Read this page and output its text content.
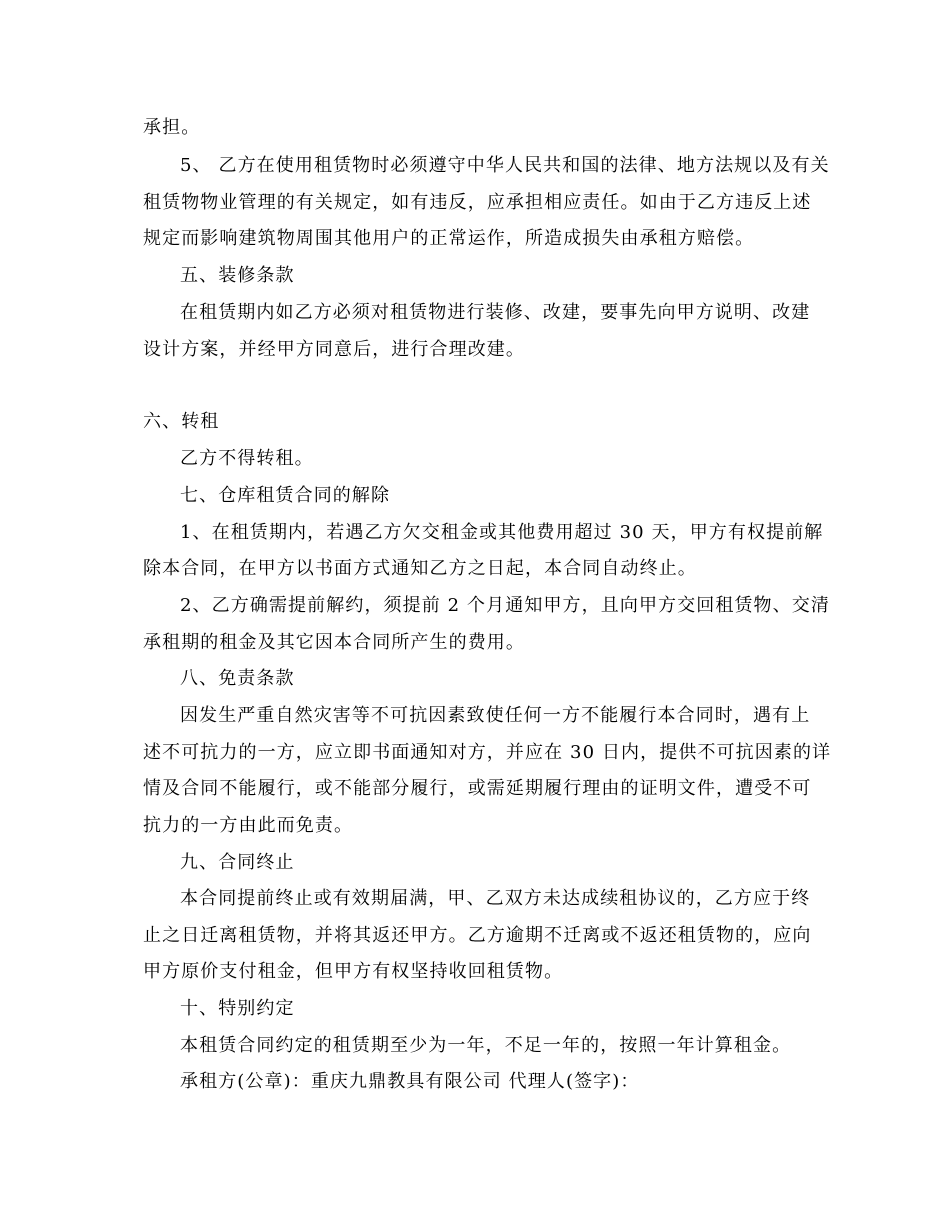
承担。
5、 乙方在使用租赁物时必须遵守中华人民共和国的法律、地方法规以及有关
租赁物物业管理的有关规定，如有违反，应承担相应责任。如由于乙方违反上述
规定而影响建筑物周围其他用户的正常运作，所造成损失由承租方赔偿。
五、装修条款
在租赁期内如乙方必须对租赁物进行装修、改建，要事先向甲方说明、改建
设计方案，并经甲方同意后，进行合理改建。
六、转租
乙方不得转租。
七、仓库租赁合同的解除
1、在租赁期内，若遇乙方欠交租金或其他费用超过 30 天，甲方有权提前解
除本合同，在甲方以书面方式通知乙方之日起，本合同自动终止。
2、乙方确需提前解约，须提前 2 个月通知甲方，且向甲方交回租赁物、交清
承租期的租金及其它因本合同所产生的费用。
八、免责条款
因发生严重自然灾害等不可抗因素致使任何一方不能履行本合同时，遇有上
述不可抗力的一方，应立即书面通知对方，并应在 30 日内，提供不可抗因素的详
情及合同不能履行，或不能部分履行，或需延期履行理由的证明文件，遭受不可
抗力的一方由此而免责。
九、合同终止
本合同提前终止或有效期届满，甲、乙双方未达成续租协议的，乙方应于终
止之日迁离租赁物，并将其返还甲方。乙方逾期不迁离或不返还租赁物的，应向
甲方原价支付租金，但甲方有权坚持收回租赁物。
十、特别约定
本租赁合同约定的租赁期至少为一年，不足一年的，按照一年计算租金。
承租方(公章)：重庆九鼎教具有限公司 代理人(签字)：
